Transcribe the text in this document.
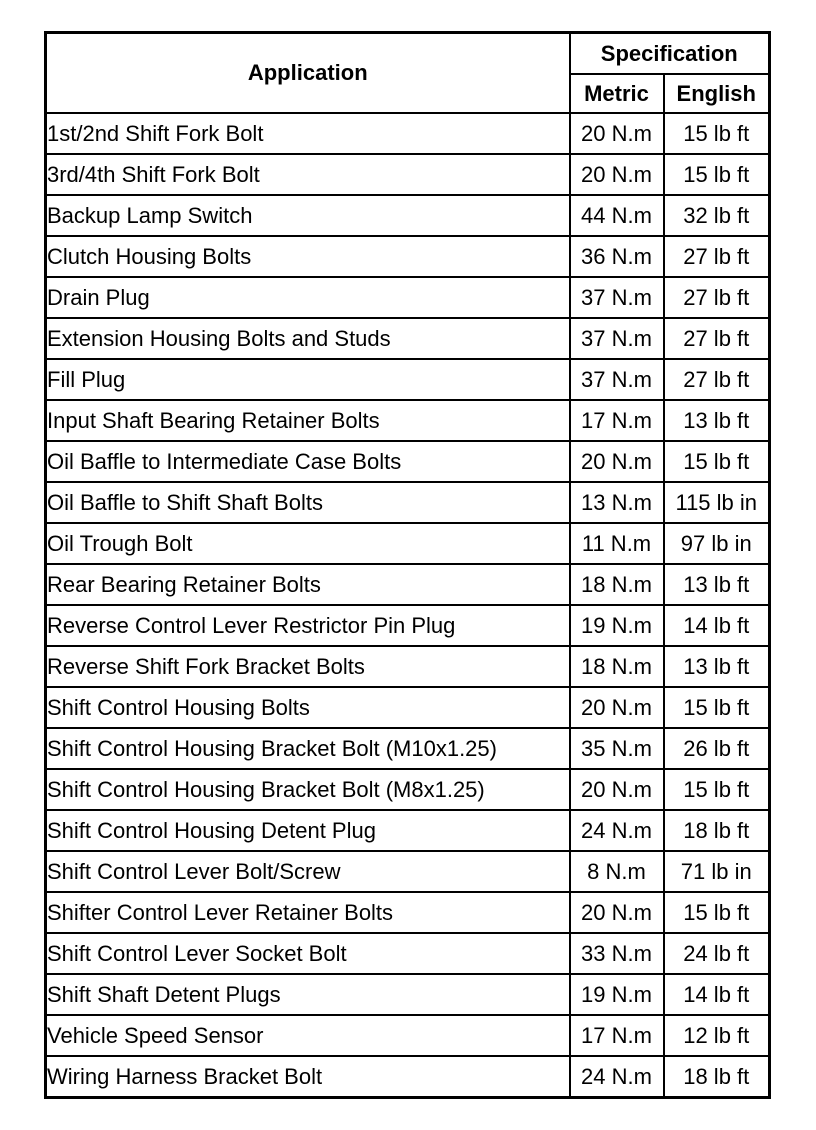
Application	Specification	
	Metric	English
1st/2nd Shift Fork Bolt	20 N.m	15 lb ft
3rd/4th Shift Fork Bolt	20 N.m	15 lb ft
Backup Lamp Switch	44 N.m	32 lb ft
Clutch Housing Bolts	36 N.m	27 lb ft
Drain Plug	37 N.m	27 lb ft
Extension Housing Bolts and Studs	37 N.m	27 lb ft
Fill Plug	37 N.m	27 lb ft
Input Shaft Bearing Retainer Bolts	17 N.m	13 lb ft
Oil Baffle to Intermediate Case Bolts	20 N.m	15 lb ft
Oil Baffle to Shift Shaft Bolts	13 N.m	115 lb in
Oil Trough Bolt	11 N.m	97 lb in
Rear Bearing Retainer Bolts	18 N.m	13 lb ft
Reverse Control Lever Restrictor Pin Plug	19 N.m	14 lb ft
Reverse Shift Fork Bracket Bolts	18 N.m	13 lb ft
Shift Control Housing Bolts	20 N.m	15 lb ft
Shift Control Housing Bracket Bolt (M10x1.25)	35 N.m	26 lb ft
Shift Control Housing Bracket Bolt (M8x1.25)	20 N.m	15 lb ft
Shift Control Housing Detent Plug	24 N.m	18 lb ft
Shift Control Lever Bolt/Screw	8 N.m	71 lb in
Shifter Control Lever Retainer Bolts	20 N.m	15 lb ft
Shift Control Lever Socket Bolt	33 N.m	24 lb ft
Shift Shaft Detent Plugs	19 N.m	14 lb ft
Vehicle Speed Sensor	17 N.m	12 lb ft
Wiring Harness Bracket Bolt	24 N.m	18 lb ft
